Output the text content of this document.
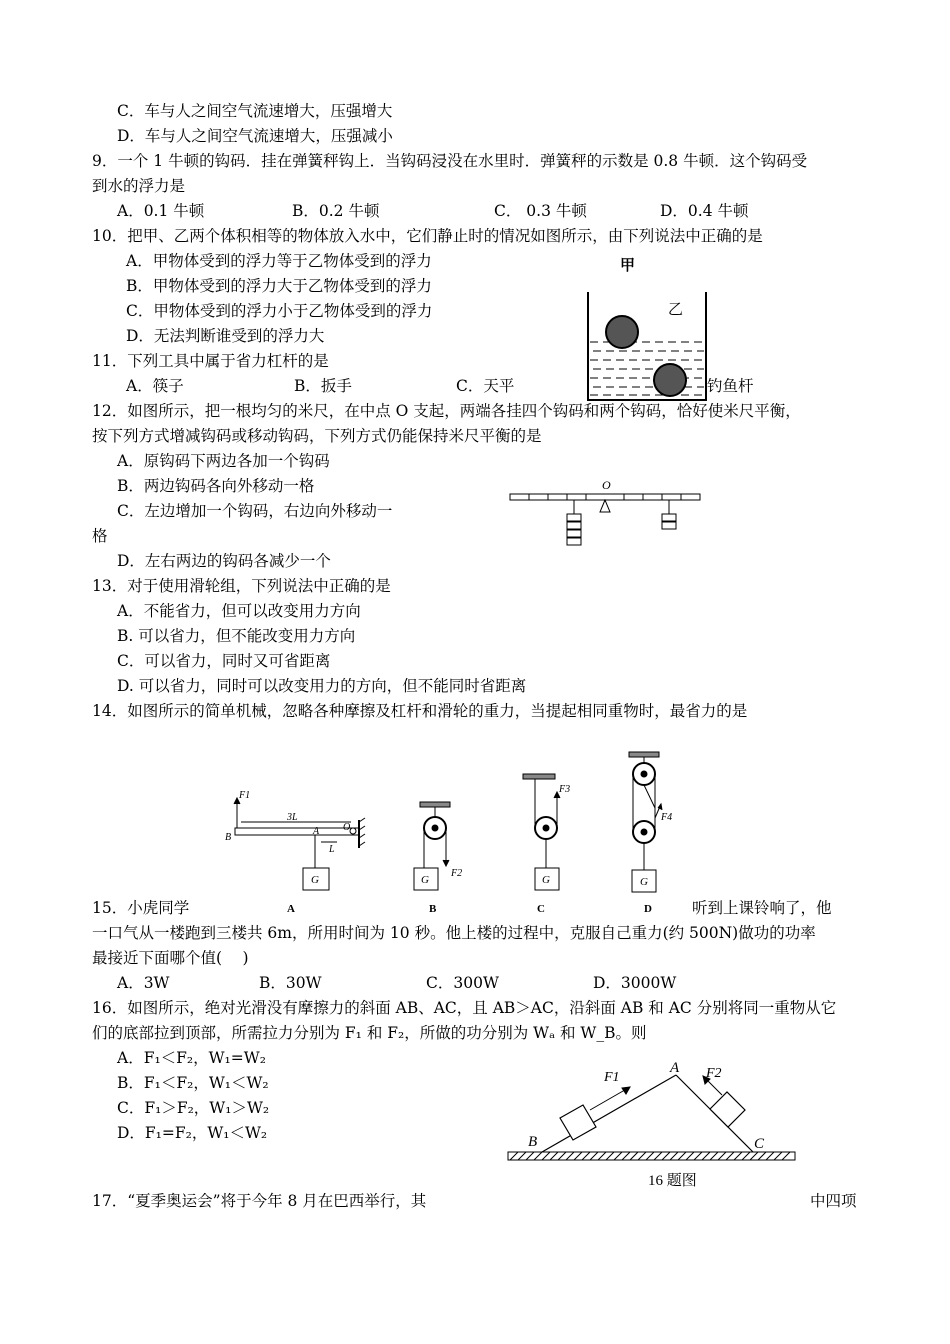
C．车与人之间空气流速增大，压强增大
D．车与人之间空气流速增大，压强减小
9．一个 1 牛顿的钩码．挂在弹簧秤钩上．当钩码浸没在水里时．弹簧秤的示数是 0.8 牛顿．这个钩码受
到水的浮力是
A．0.1 牛顿	B．0.2 牛顿	C． 0.3 牛顿	D．0.4 牛顿
10．把甲、乙两个体积相等的物体放入水中，它们静止时的情况如图所示，由下列说法中正确的是
A．甲物体受到的浮力等于乙物体受到的浮力
B．甲物体受到的浮力大于乙物体受到的浮力
C．甲物体受到的浮力小于乙物体受到的浮力
D．无法判断谁受到的浮力大
11．下列工具中属于省力杠杆的是
A．筷子	B．扳手	C．天平	钓鱼杆
甲
乙
12．如图所示，把一根均匀的米尺，在中点 O 支起，两端各挂四个钩码和两个钩码，恰好使米尺平衡，
按下列方式增减钩码或移动钩码，下列方式仍能保持米尺平衡的是
A．原钩码下两边各加一个钩码
B．两边钩码各向外移动一格
C．左边增加一个钩码，右边向外移动一
格
D．左右两边的钩码各减少一个
O
13．对于使用滑轮组，下列说法中正确的是
A．不能省力，但可以改变用力方向
B. 可以省力，但不能改变用力方向
C．可以省力，同时又可省距离
D. 可以省力，同时可以改变用力的方向，但不能同时省距离
14．如图所示的简单机械，忽略各种摩擦及杠杆和滑轮的重力，当提起相同重物时，最省力的是
F1
B
3L
A O
L
G
A
F2
G
B
F3
G
C
F4
G
D
15．小虎同学	听到上课铃响了，他
一口气从一楼跑到三楼共 6m，所用时间为 10 秒。他上楼的过程中，克服自己重力(约 500N)做功的功率
最接近下面哪个值(　 )
A．3W	B．30W	C．300W	D．3000W
16．如图所示，绝对光滑没有摩擦力的斜面 AB、AC，且 AB＞AC，沿斜面 AB 和 AC 分别将同一重物从它
们的底部拉到顶部，所需拉力分别为 F₁ 和 F₂，所做的功分别为 Wₐ 和 W_B。则
A．F₁＜F₂，W₁=W₂
B．F₁＜F₂，W₁＜W₂
C．F₁＞F₂，W₁＞W₂
D．F₁=F₂，W₁＜W₂
A
B	C
F1	F2
16 题图
17．“夏季奥运会”将于今年 8 月在巴西举行，其	中四项
